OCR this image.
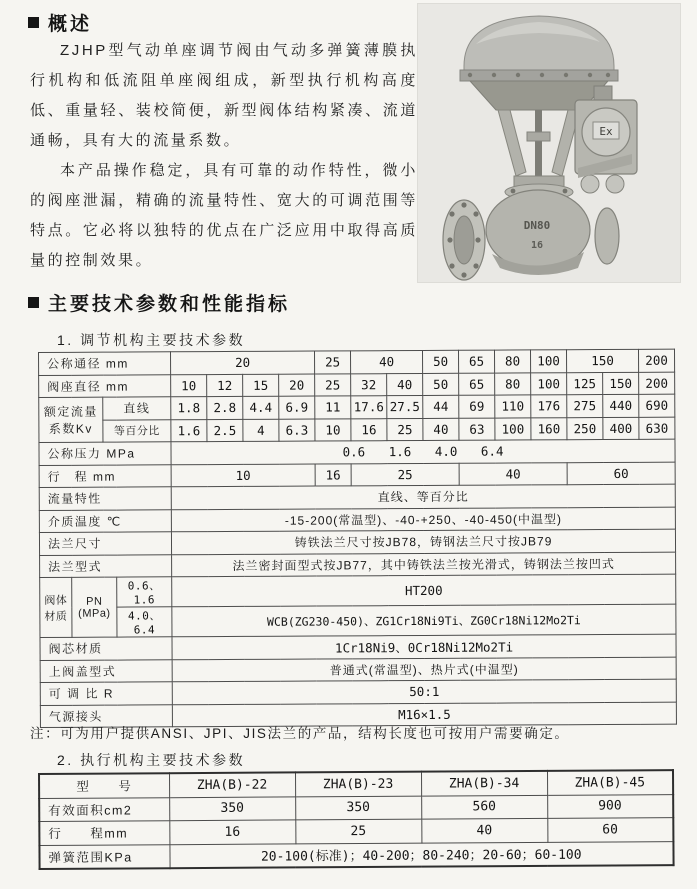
概述

ZJHP型气动单座调节阀由气动多弹簧薄膜执行机构和低流阻单座阀组成，新型执行机构高度低、重量轻、装校简便，新型阀体结构紧凑、流道通畅，具有大的流量系数。

本产品操作稳定，具有可靠的动作特性，微小的阀座泄漏，精确的流量特性、宽大的可调范围等特点。它必将以独特的优点在广泛应用中取得高质量的控制效果。

Ex
DN80
16
主要技术参数和性能指标
1. 调节机构主要技术参数
公称通径 mm				20				25	40		50	65	80	100	150		200
阀座直径 mm				10	12	15	20	25	32	40	50	65	80	100	125	150	200
额定流量系数Kv		直线		1.8	2.8	4.4	6.9	11	17.6	27.5	44	69	110	176	275	440	690
		等百分比		1.6	2.5	4	6.3	10	16	25	40	63	100	160	250	400	630
公称压力 MPa				0.6 1.6 4.0 6.4													
行　程 mm				10				16	25			40			60		
流量特性				直线、等百分比													
介质温度 ℃				-15-200(常温型)、-40-+250、-40-450(中温型)													
法兰尺寸				铸铁法兰尺寸按JB78，铸钢法兰尺寸按JB79													
法兰型式				法兰密封面型式按JB77，其中铸铁法兰按光滑式，铸钢法兰按凹式													
阀体材质	PN (MPa)		0.6、1.6	HT200													
			4.0、6.4	WCB(ZG230-450)、ZG1Cr18Ni9Ti、ZG0Cr18Ni12Mo2Ti													
阀芯材质				1Cr18Ni9、0Cr18Ni12Mo2Ti													
上阀盖型式				普通式(常温型)、热片式(中温型)													
可 调 比 R				50:1													
气源接头				M16×1.5													
注：可为用户提供ANSI、JPI、JIS法兰的产品，结构长度也可按用户需要确定。
2. 执行机构主要技术参数
型　　号	ZHA(B)-22	ZHA(B)-23	ZHA(B)-34	ZHA(B)-45
有效面积cm2	350	350	560	900
行　　程mm	16	25	40	60
弹簧范围KPa	20-100(标准)；40-200；80-240；20-60；60-100			
